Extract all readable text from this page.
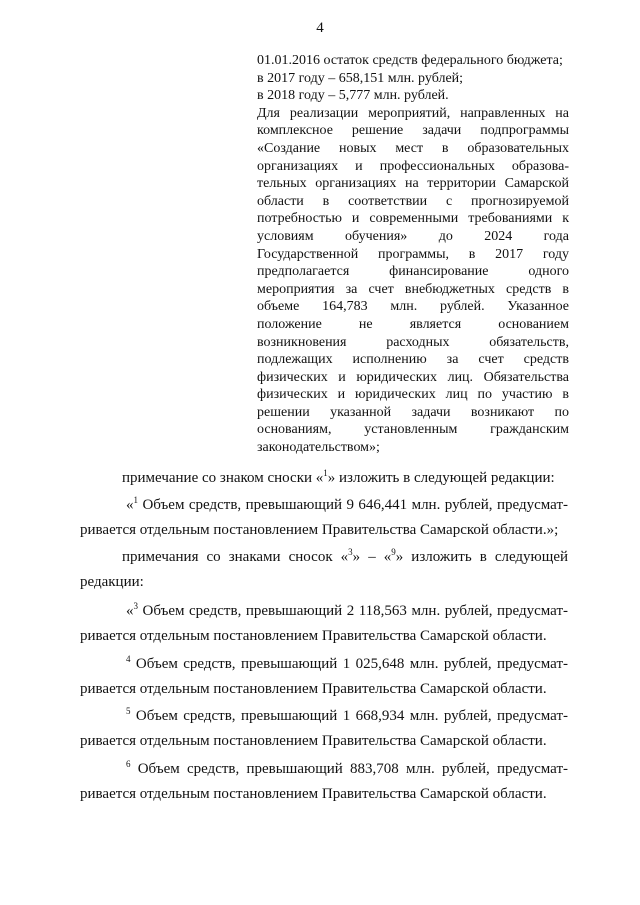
4
01.01.2016 остаток средств федерального бюджета;
в 2017 году – 658,151 млн. рублей;
в 2018 году – 5,777 млн. рублей.
Для реализации мероприятий, направленных на
комплексное решение задачи подпрограммы
«Создание новых мест в образовательных
организациях и профессиональных образова-
тельных организациях на территории Самарской
области в соответствии с прогнозируемой
потребностью и современными требованиями к
условиям обучения» до 2024 года
Государственной программы, в 2017 году
предполагается финансирование одного
мероприятия за счет внебюджетных средств в
объеме 164,783 млн. рублей. Указанное
положение не является основанием
возникновения расходных обязательств,
подлежащих исполнению за счет средств
физических и юридических лиц. Обязательства
физических и юридических лиц по участию в
решении указанной задачи возникают по
основаниям, установленным гражданским
законодательством»;
примечание со знаком сноски «$^1$» изложить в следующей редакции:
«$^1$ Объем средств, превышающий 9 646,441 млн. рублей, предусмат-
ривается отдельным постановлением Правительства Самарской области.»;
примечания со знаками сносок «$^3$» – «$^9$» изложить в следующей
редакции:
«$^3$ Объем средств, превышающий 2 118,563 млн. рублей, предусмат-
ривается отдельным постановлением Правительства Самарской области.
$^4$ Объем средств, превышающий 1 025,648 млн. рублей, предусмат-
ривается отдельным постановлением Правительства Самарской области.
$^5$ Объем средств, превышающий 1 668,934 млн. рублей, предусмат-
ривается отдельным постановлением Правительства Самарской области.
$^6$ Объем средств, превышающий 883,708 млн. рублей, предусмат-
ривается отдельным постановлением Правительства Самарской области.
